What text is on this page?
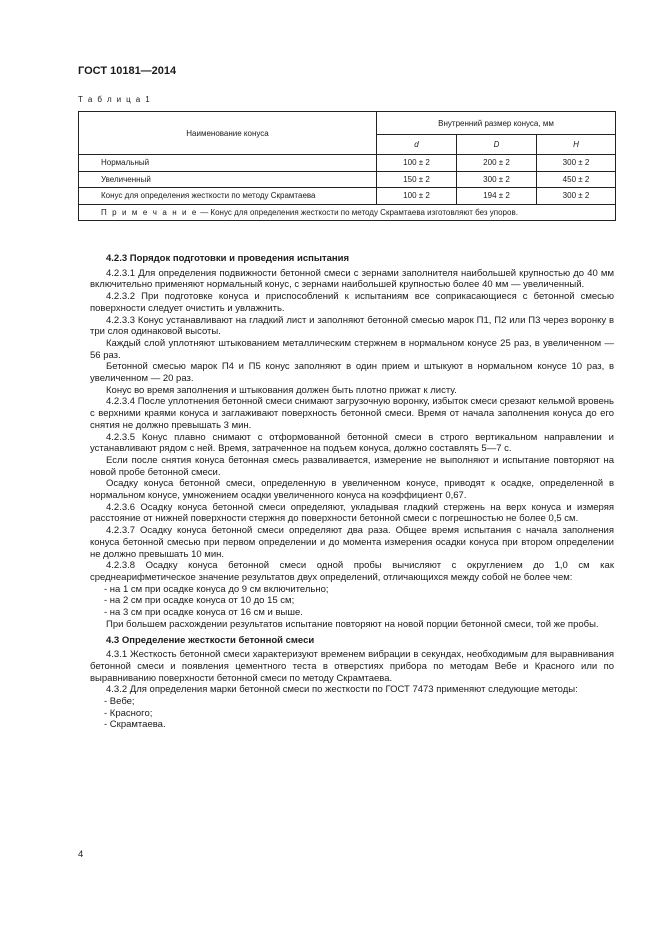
ГОСТ 10181—2014
Т а б л и ц а 1
Наименование конуса	Внутренний размер конуса, мм		
	d	D	H
Нормальный	100 ± 2	200 ± 2	300 ± 2
Увеличенный	150 ± 2	300 ± 2	450 ± 2
Конус для определения жесткости по методу Скрамтаева	100 ± 2	194 ± 2	300 ± 2
П р и м е ч а н и е — Конус для определения жесткости по методу Скрамтаева изготовляют без упоров.			

4.2.3 Порядок подготовки и проведения испытания

4.2.3.1 Для определения подвижности бетонной смеси с зернами заполнителя наибольшей крупностью до 40 мм включительно применяют нормальный конус, с зернами наибольшей крупностью более 40 мм — увеличенный.

4.2.3.2 При подготовке конуса и приспособлений к испытаниям все соприкасающиеся с бетонной смесью поверхности следует очистить и увлажнить.

4.2.3.3 Конус устанавливают на гладкий лист и заполняют бетонной смесью марок П1, П2 или П3 через воронку в три слоя одинаковой высоты.

Каждый слой уплотняют штыкованием металлическим стержнем в нормальном конусе 25 раз, в увеличенном — 56 раз.

Бетонной смесью марок П4 и П5 конус заполняют в один прием и штыкуют в нормальном конусе 10 раз, в увеличенном — 20 раз.

Конус во время заполнения и штыкования должен быть плотно прижат к листу.

4.2.3.4 После уплотнения бетонной смеси снимают загрузочную воронку, избыток смеси срезают кельмой вровень с верхними краями конуса и заглаживают поверхность бетонной смеси. Время от начала заполнения конуса до его снятия не должно превышать 3 мин.

4.2.3.5 Конус плавно снимают с отформованной бетонной смеси в строго вертикальном направлении и устанавливают рядом с ней. Время, затраченное на подъем конуса, должно составлять 5—7 с.

Если после снятия конуса бетонная смесь разваливается, измерение не выполняют и испытание повторяют на новой пробе бетонной смеси.

Осадку конуса бетонной смеси, определенную в увеличенном конусе, приводят к осадке, определенной в нормальном конусе, умножением осадки увеличенного конуса на коэффициент 0,67.

4.2.3.6 Осадку конуса бетонной смеси определяют, укладывая гладкий стержень на верх конуса и измеряя расстояние от нижней поверхности стержня до поверхности бетонной смеси с погрешностью не более 0,5 см.

4.2.3.7 Осадку конуса бетонной смеси определяют два раза. Общее время испытания с начала заполнения конуса бетонной смесью при первом определении и до момента измерения осадки конуса при втором определении не должно превышать 10 мин.

4.2.3.8 Осадку конуса бетонной смеси одной пробы вычисляют с округлением до 1,0 см как среднеарифметическое значение результатов двух определений, отличающихся между собой не более чем:

- на 1 см при осадке конуса до 9 см включительно;

- на 2 см при осадке конуса от 10 до 15 см;

- на 3 см при осадке конуса от 16 см и выше.

При большем расхождении результатов испытание повторяют на новой порции бетонной смеси, той же пробы.

4.3 Определение жесткости бетонной смеси

4.3.1 Жесткость бетонной смеси характеризуют временем вибрации в секундах, необходимым для выравнивания бетонной смеси и появления цементного теста в отверстиях прибора по методам Вебе и Красного или по выравниванию поверхности бетонной смеси по методу Скрамтаева.

4.3.2 Для определения марки бетонной смеси по жесткости по ГОСТ 7473 применяют следующие методы:

- Вебе;

- Красного;

- Скрамтаева.

4
